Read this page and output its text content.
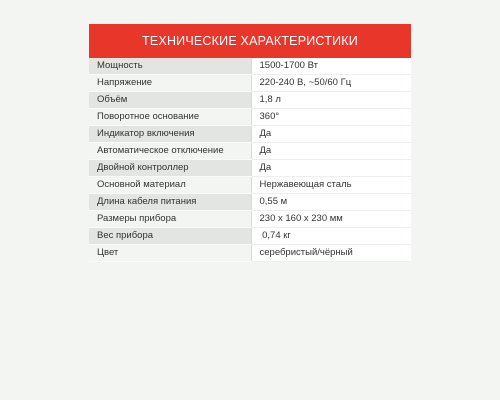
ТЕХНИЧЕСКИЕ ХАРАКТЕРИСТИКИ
Мощность	1500-1700 Вт
Напряжение	220-240 В, ~50/60 Гц
Объём	1,8 л
Поворотное основание	360°
Индикатор включения	Да
Автоматическое отключение	Да
Двойной контроллер	Да
Основной материал	Нержавеющая сталь
Длина кабеля питания	0,55 м
Размеры прибора	230 х 160 х 230 мм
Вес прибора	0,74 кг
Цвет	серебристый/чёрный
